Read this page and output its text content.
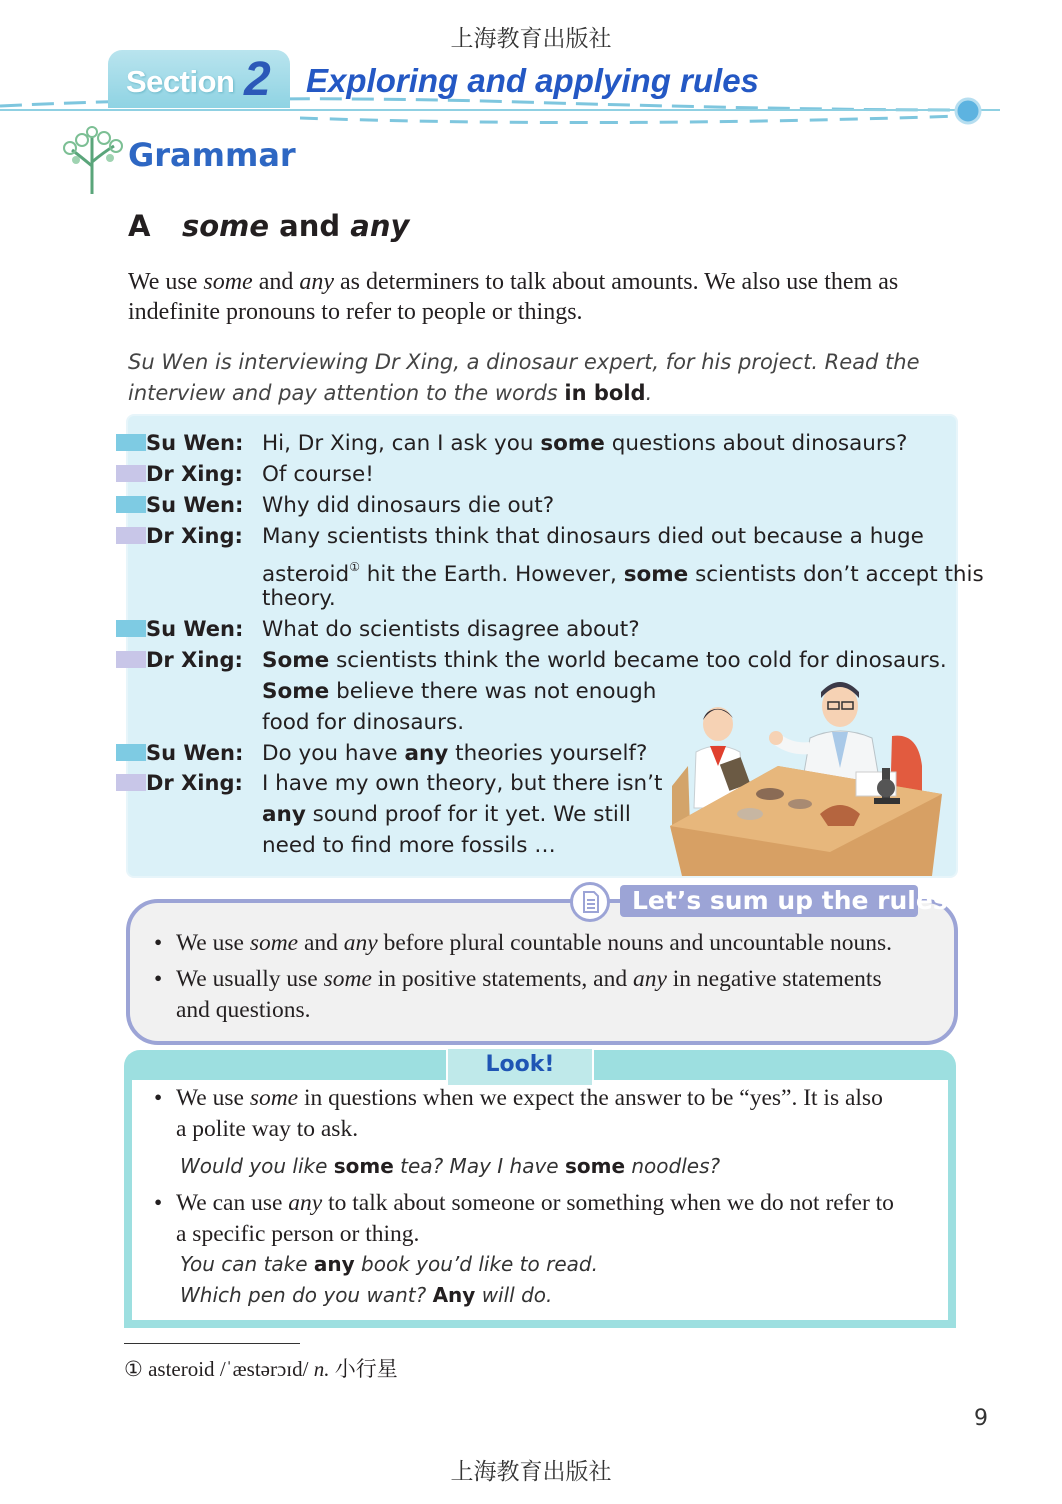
上海教育出版社
Section 2 Exploring and applying rules
Grammar
A some and any
We use some and any as determiners to talk about amounts. We also use them as indefinite pronouns to refer to people or things.
Su Wen is interviewing Dr Xing, a dinosaur expert, for his project. Read the interview and pay attention to the words in bold.
Su Wen: Hi, Dr Xing, can I ask you some questions about dinosaurs?
Dr Xing: Of course!
Su Wen: Why did dinosaurs die out?
Dr Xing: Many scientists think that dinosaurs died out because a huge
asteroid① hit the Earth. However, some scientists don’t accept this
theory.
Su Wen: What do scientists disagree about?
Dr Xing: Some scientists think the world became too cold for dinosaurs.
Some believe there was not enough
food for dinosaurs.
Su Wen: Do you have any theories yourself?
Dr Xing: I have my own theory, but there isn’t
any sound proof for it yet. We still
need to find more fossils …
Let’s sum up the rules!
• We use some and any before plural countable nouns and uncountable nouns.
• We usually use some in positive statements, and any in negative statements
and questions.
Look!
• We use some in questions when we expect the answer to be “yes”. It is also
a polite way to ask.
Would you like some tea? May I have some noodles?
• We can use any to talk about someone or something when we do not refer to
a specific person or thing.
You can take any book you’d like to read.
Which pen do you want? Any will do.
① asteroid /ˈæstərɔɪd/ n. 小行星
9
上海教育出版社
